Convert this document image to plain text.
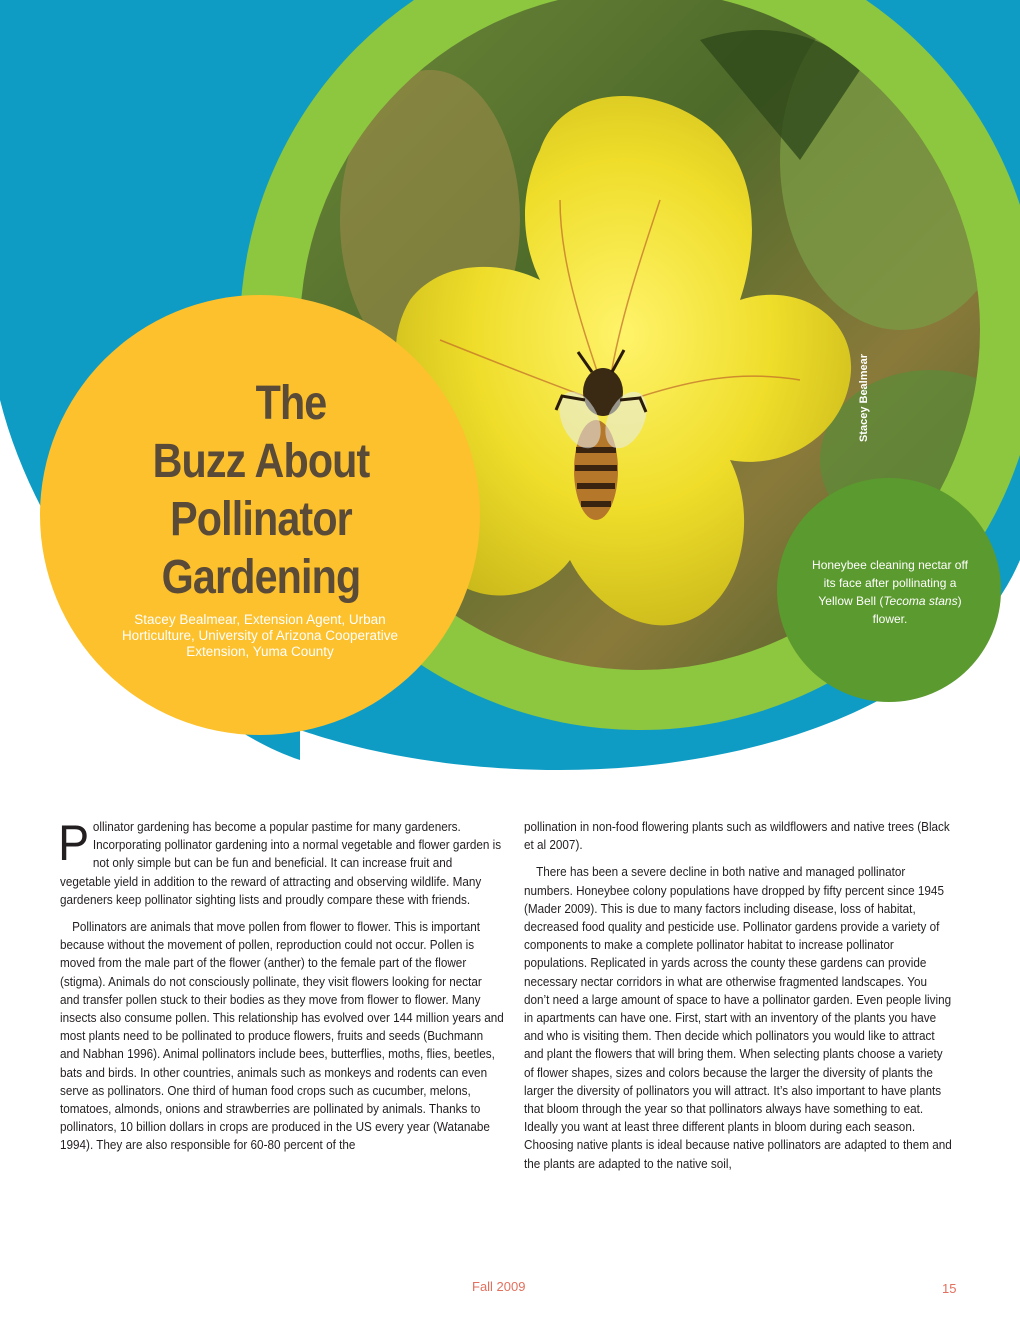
The
Buzz About
Pollinator
Gardening
Stacey Bealmear, Extension Agent, Urban Horticulture, University of Arizona Cooperative Extension, Yuma County
Stacey Bealmear
Honeybee cleaning nectar off its face after pollinating a Yellow Bell (Tecoma stans) flower.

Pollinator gardening has become a popular pastime for many gardeners. Incorporating pollinator gardening into a normal vegetable and flower garden is not only simple but can be fun and beneficial. It can increase fruit and vegetable yield in addition to the reward of attracting and observing wildlife. Many gardeners keep pollinator sighting lists and proudly compare these with friends.

Pollinators are animals that move pollen from flower to flower. This is important because without the movement of pollen, reproduction could not occur. Pollen is moved from the male part of the flower (anther) to the female part of the flower (stigma). Animals do not consciously pollinate, they visit flowers looking for nectar and transfer pollen stuck to their bodies as they move from flower to flower. Many insects also consume pollen. This relationship has evolved over 144 million years and most plants need to be pollinated to produce flowers, fruits and seeds (Buchmann and Nabhan 1996). Animal pollinators include bees, butterflies, moths, flies, beetles, bats and birds. In other countries, animals such as monkeys and rodents can even serve as pollinators. One third of human food crops such as cucumber, melons, tomatoes, almonds, onions and strawberries are pollinated by animals. Thanks to pollinators, 10 billion dollars in crops are produced in the US every year (Watanabe 1994). They are also responsible for 60-80 percent of the

pollination in non-food flowering plants such as wildflowers and native trees (Black et al 2007).

There has been a severe decline in both native and managed pollinator numbers. Honeybee colony populations have dropped by fifty percent since 1945 (Mader 2009). This is due to many factors including disease, loss of habitat, decreased food quality and pesticide use. Pollinator gardens provide a variety of components to make a complete pollinator habitat to increase pollinator populations. Replicated in yards across the county these gardens can provide necessary nectar corridors in what are otherwise fragmented landscapes. You don’t need a large amount of space to have a pollinator garden. Even people living in apartments can have one. First, start with an inventory of the plants you have and who is visiting them. Then decide which pollinators you would like to attract and plant the flowers that will bring them. When selecting plants choose a variety of flower shapes, sizes and colors because the larger the diversity of plants the larger the diversity of pollinators you will attract. It’s also important to have plants that bloom through the year so that pollinators always have something to eat. Ideally you want at least three different plants in bloom during each season. Choosing native plants is ideal because native pollinators are adapted to them and the plants are adapted to the native soil,

Fall 2009	15
